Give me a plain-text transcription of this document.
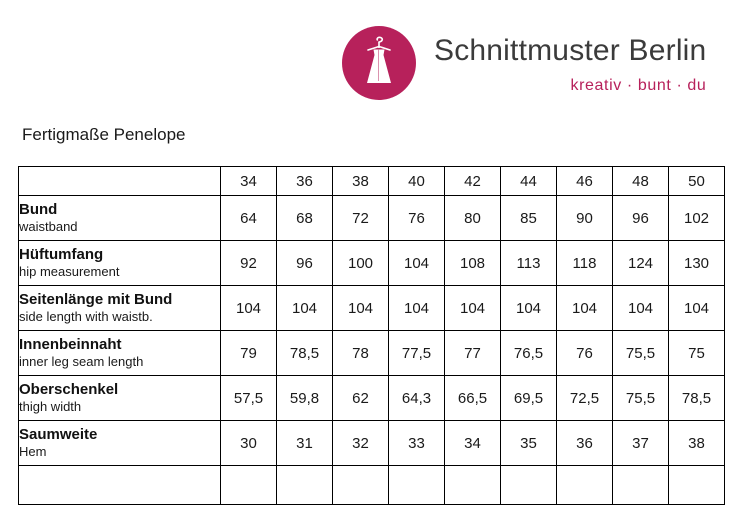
Schnittmuster Berlin
kreativ · bunt · du
Fertigmaße Penelope
	34	36	38	40	42	44	46	48	50

Bund
waistband	64	68	72	76	80	85	90	96	102

Hüftumfang
hip measurement	92	96	100	104	108	113	118	124	130

Seitenlänge mit Bund
side length with waistb.	104	104	104	104	104	104	104	104	104

Innenbeinnaht
inner leg seam length	79	78,5	78	77,5	77	76,5	76	75,5	75

Oberschenkel
thigh width	57,5	59,8	62	64,3	66,5	69,5	72,5	75,5	78,5

Saumweite
Hem	30	31	32	33	34	35	36	37	38
